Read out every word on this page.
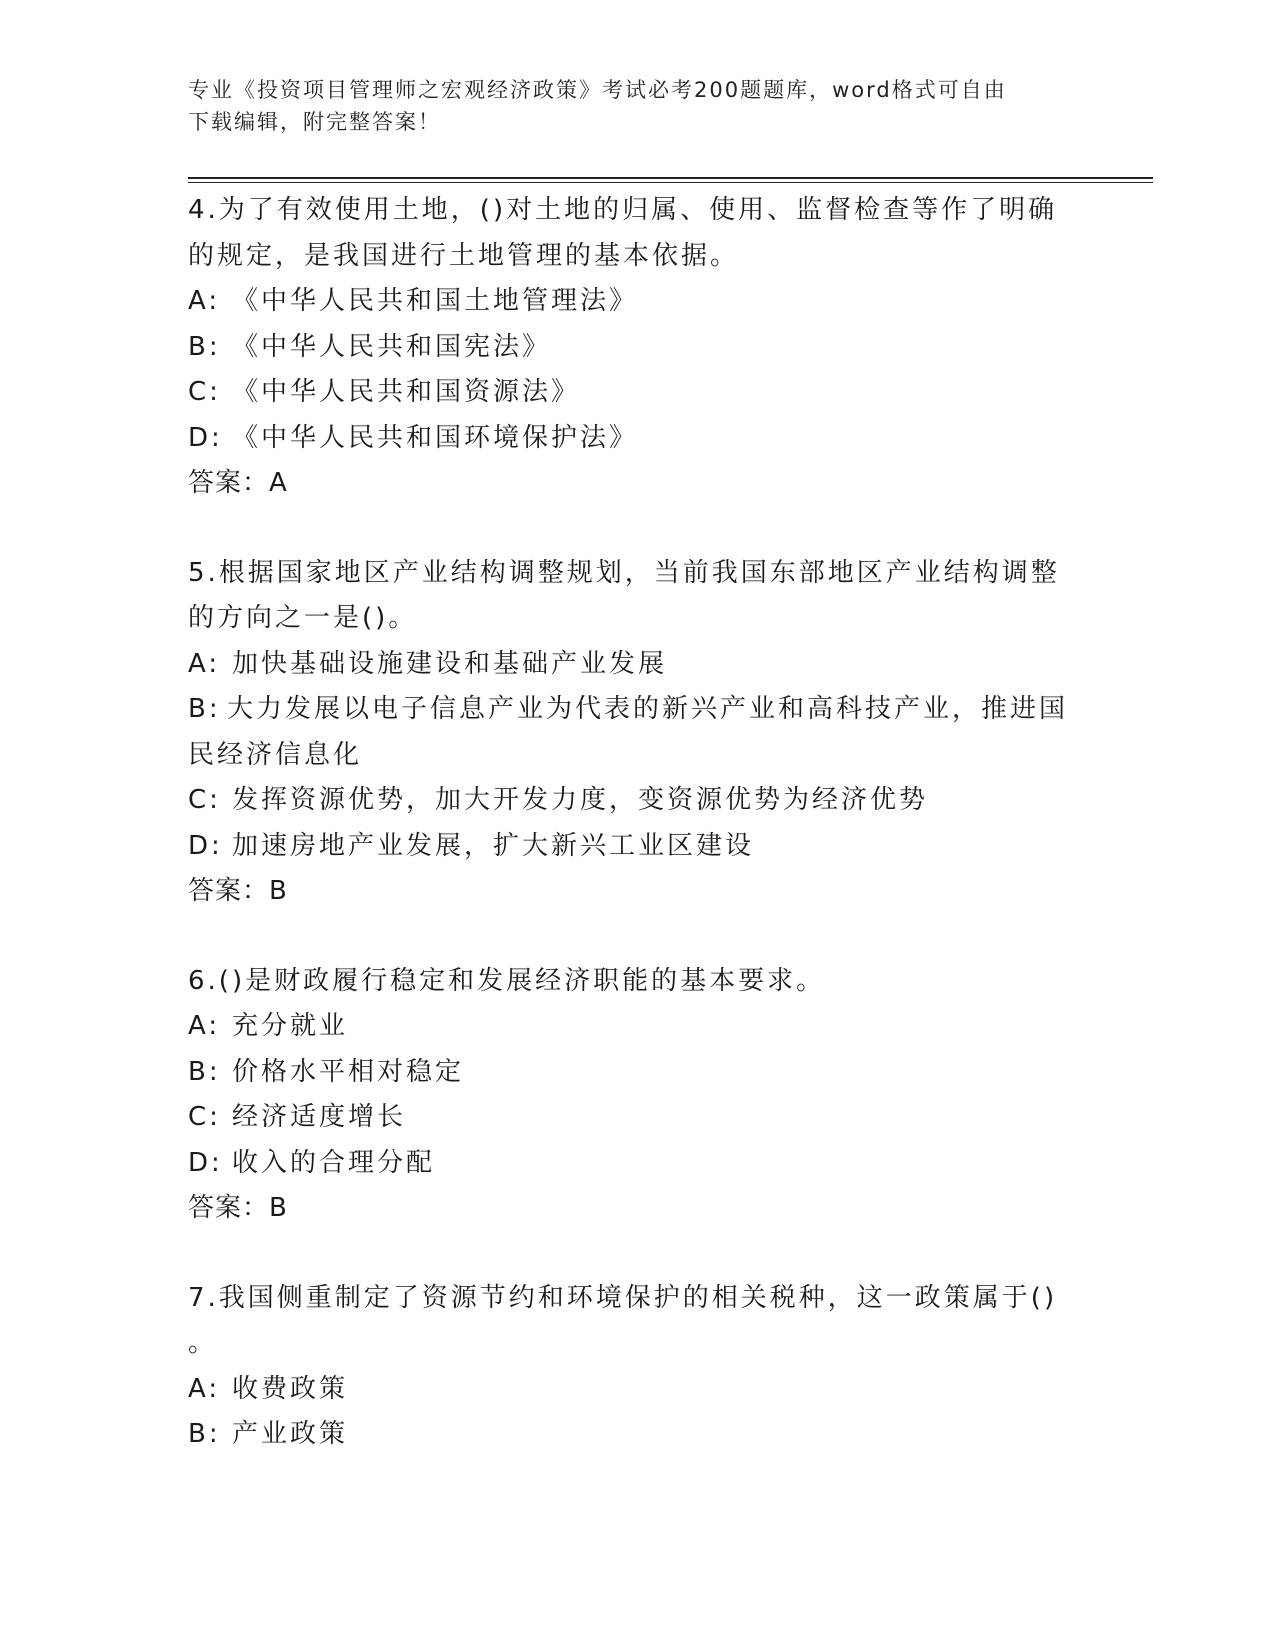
专业《投资项目管理师之宏观经济政策》考试必考200题题库，word格式可自由
下载编辑，附完整答案！
4.为了有效使用土地，()对土地的归属、使用、监督检查等作了明确
的规定，是我国进行土地管理的基本依据。
A: 《中华人民共和国土地管理法》
B: 《中华人民共和国宪法》
C: 《中华人民共和国资源法》
D: 《中华人民共和国环境保护法》
答案：A
5.根据国家地区产业结构调整规划，当前我国东部地区产业结构调整
的方向之一是()。
A: 加快基础设施建设和基础产业发展
B: 大力发展以电子信息产业为代表的新兴产业和高科技产业，推进国
民经济信息化
C: 发挥资源优势，加大开发力度，变资源优势为经济优势
D: 加速房地产业发展，扩大新兴工业区建设
答案：B
6.()是财政履行稳定和发展经济职能的基本要求。
A: 充分就业
B: 价格水平相对稳定
C: 经济适度增长
D: 收入的合理分配
答案：B
7.我国侧重制定了资源节约和环境保护的相关税种，这一政策属于()
。
A: 收费政策
B: 产业政策
